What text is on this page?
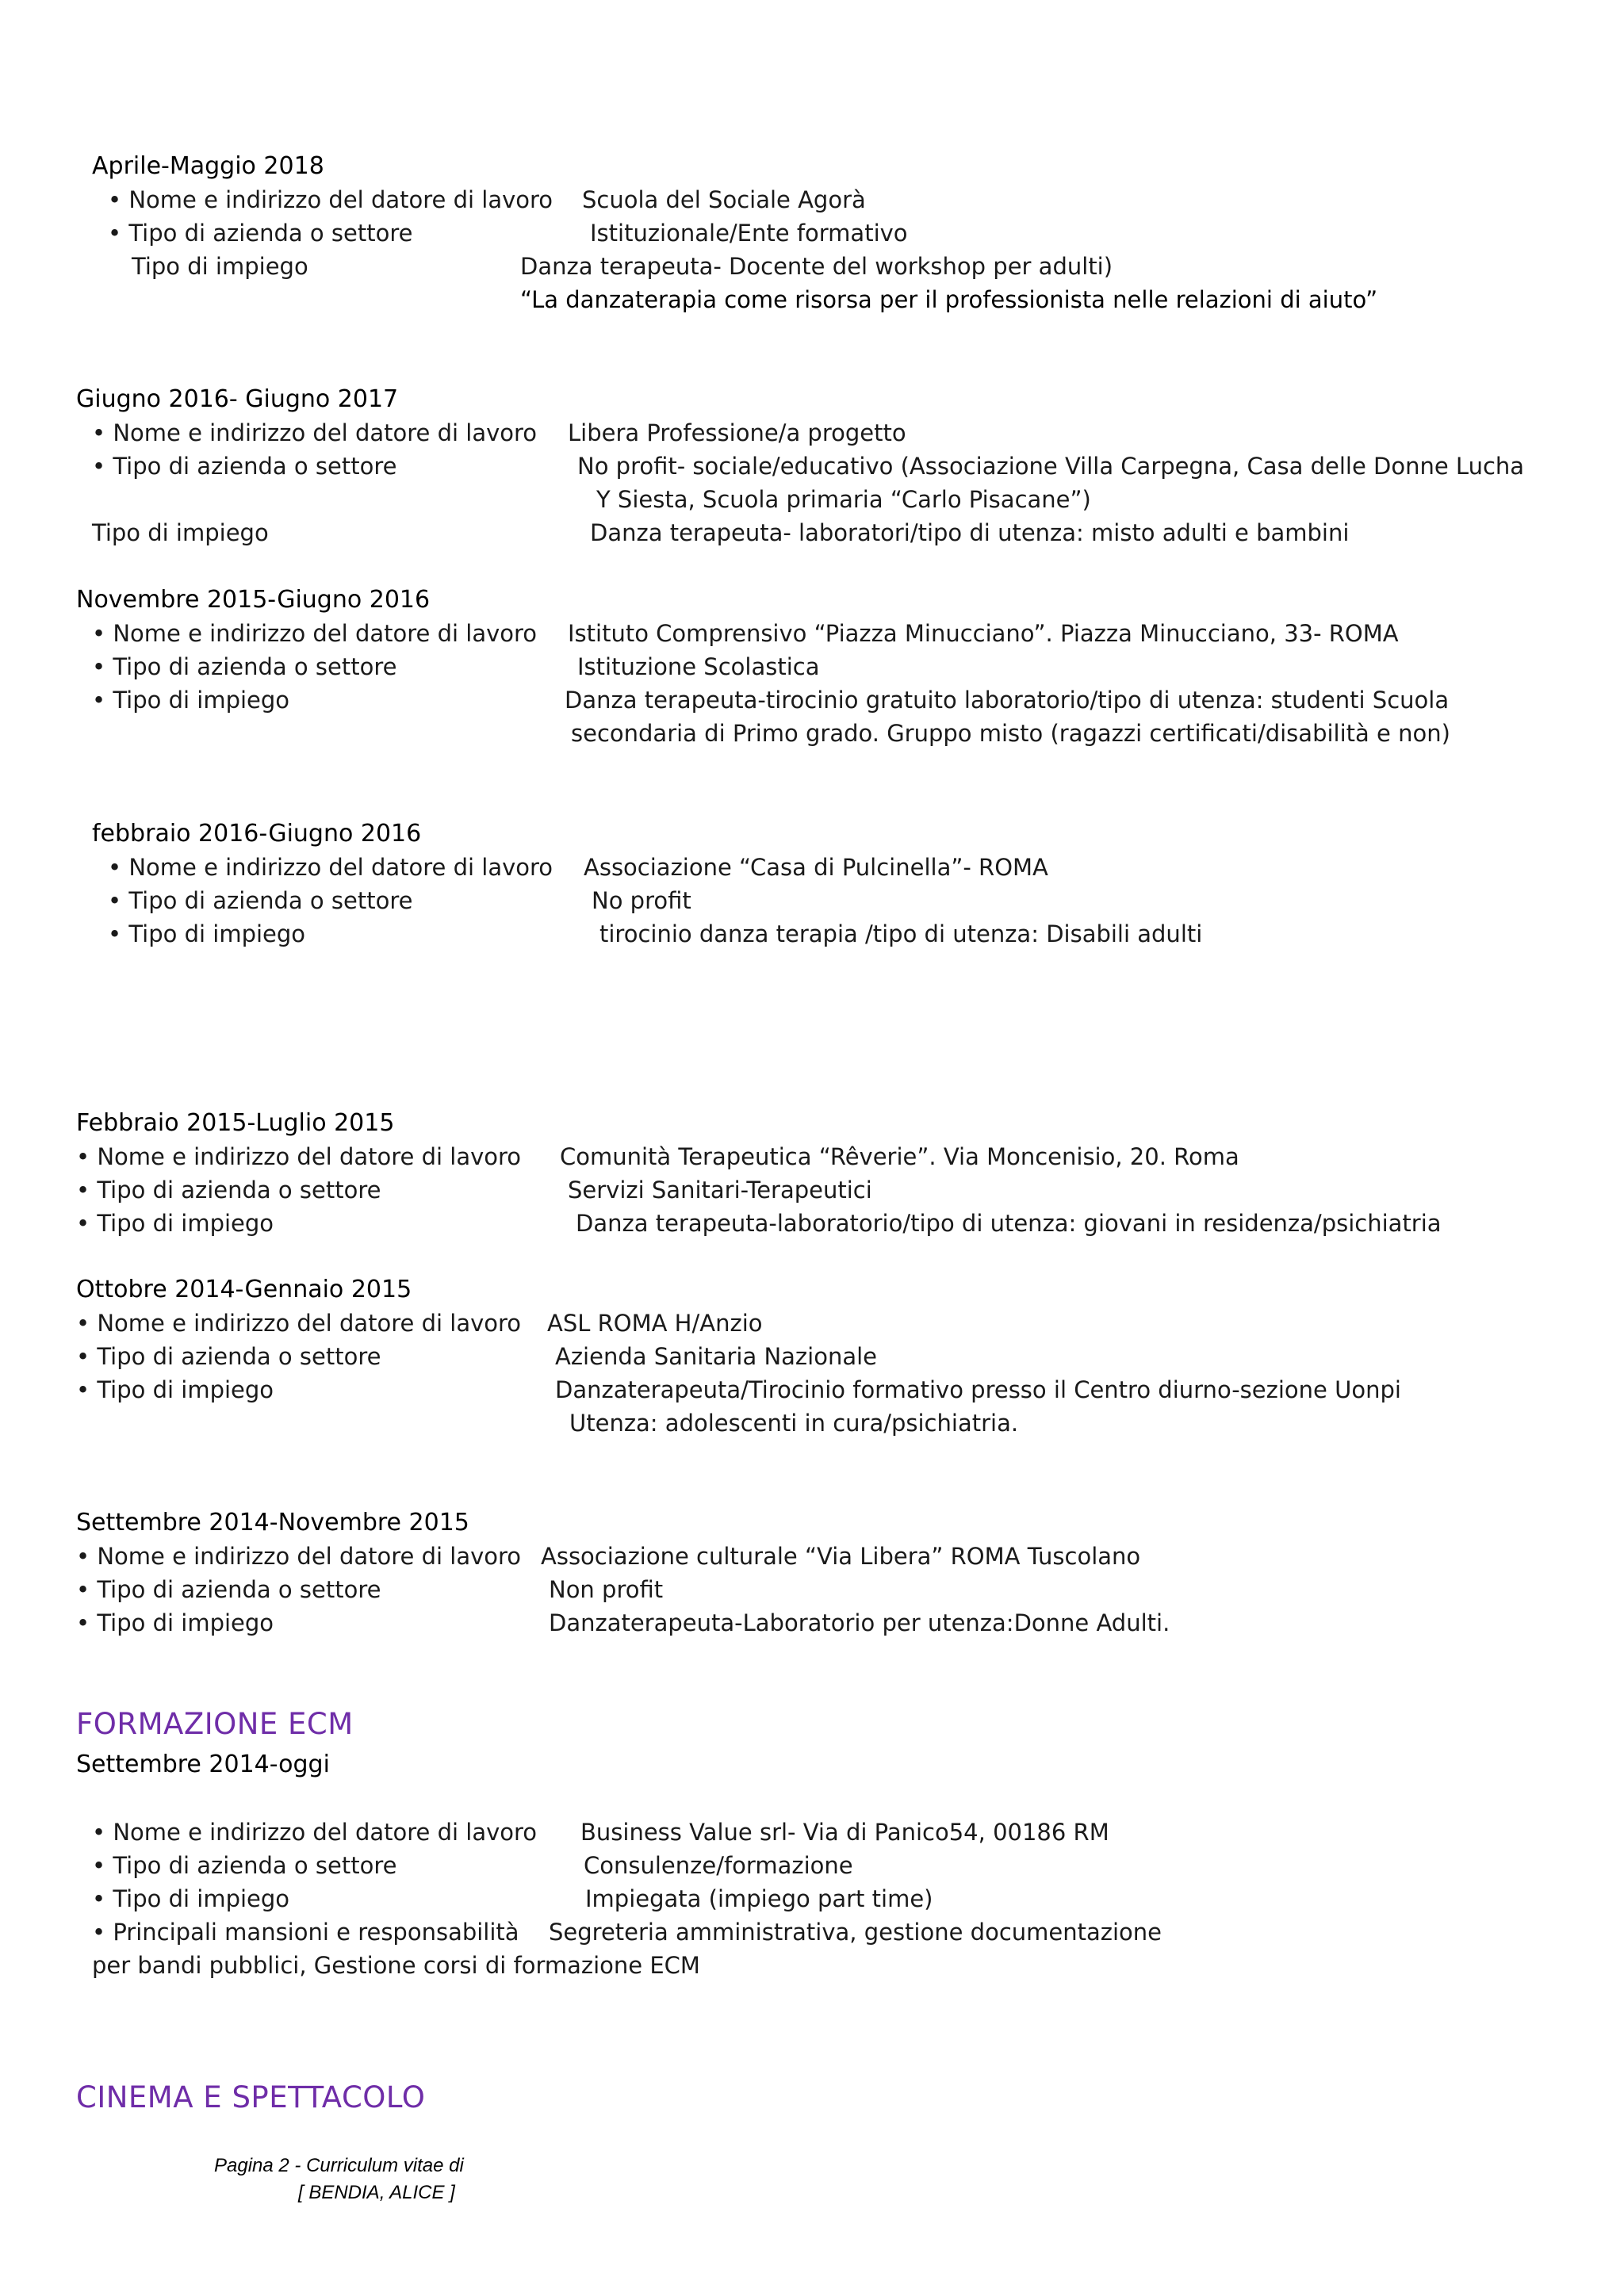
Aprile-Maggio 2018
• Nome e indirizzo del datore di lavoro Scuola del Sociale Agorà
• Tipo di azienda o settore	Istituzionale/Ente formativo
Tipo di impiego	Danza terapeuta- Docente del workshop per adulti)
“La danzaterapia come risorsa per il professionista nelle relazioni di aiuto”
Giugno 2016- Giugno 2017
• Nome e indirizzo del datore di lavoro Libera Professione/a progetto
• Tipo di azienda o settore	No profit- sociale/educativo (Associazione Villa Carpegna, Casa delle Donne Lucha
Y Siesta, Scuola primaria “Carlo Pisacane”)
Tipo di impiego	Danza terapeuta- laboratori/tipo di utenza: misto adulti e bambini
Novembre 2015-Giugno 2016
• Nome e indirizzo del datore di lavoro Istituto Comprensivo “Piazza Minucciano”. Piazza Minucciano, 33- ROMA
• Tipo di azienda o settore	Istituzione Scolastica
• Tipo di impiego	Danza terapeuta-tirocinio gratuito laboratorio/tipo di utenza: studenti Scuola
secondaria di Primo grado. Gruppo misto (ragazzi certificati/disabilità e non)
febbraio 2016-Giugno 2016
• Nome e indirizzo del datore di lavoro Associazione “Casa di Pulcinella”- ROMA
• Tipo di azienda o settore	No profit
• Tipo di impiego	tirocinio danza terapia /tipo di utenza: Disabili adulti
Febbraio 2015-Luglio 2015
• Nome e indirizzo del datore di lavoro Comunità Terapeutica “Rêverie”. Via Moncenisio, 20. Roma
• Tipo di azienda o settore	Servizi Sanitari-Terapeutici
• Tipo di impiego	Danza terapeuta-laboratorio/tipo di utenza: giovani in residenza/psichiatria
Ottobre 2014-Gennaio 2015
• Nome e indirizzo del datore di lavoro ASL ROMA H/Anzio
• Tipo di azienda o settore	Azienda Sanitaria Nazionale
• Tipo di impiego	Danzaterapeuta/Tirocinio formativo presso il Centro diurno-sezione Uonpi
Utenza: adolescenti in cura/psichiatria.
Settembre 2014-Novembre 2015
• Nome e indirizzo del datore di lavoro Associazione culturale “Via Libera” ROMA Tuscolano
• Tipo di azienda o settore	Non profit
• Tipo di impiego	Danzaterapeuta-Laboratorio per utenza:Donne Adulti.
FORMAZIONE ECM
Settembre 2014-oggi
• Nome e indirizzo del datore di lavoro Business Value srl- Via di Panico54, 00186 RM
• Tipo di azienda o settore	Consulenze/formazione
• Tipo di impiego	Impiegata (impiego part time)
• Principali mansioni e responsabilità Segreteria amministrativa, gestione documentazione
per bandi pubblici, Gestione corsi di formazione ECM
CINEMA E SPETTACOLO
Pagina 2 - Curriculum vitae di
[ BENDIA, ALICE ]
